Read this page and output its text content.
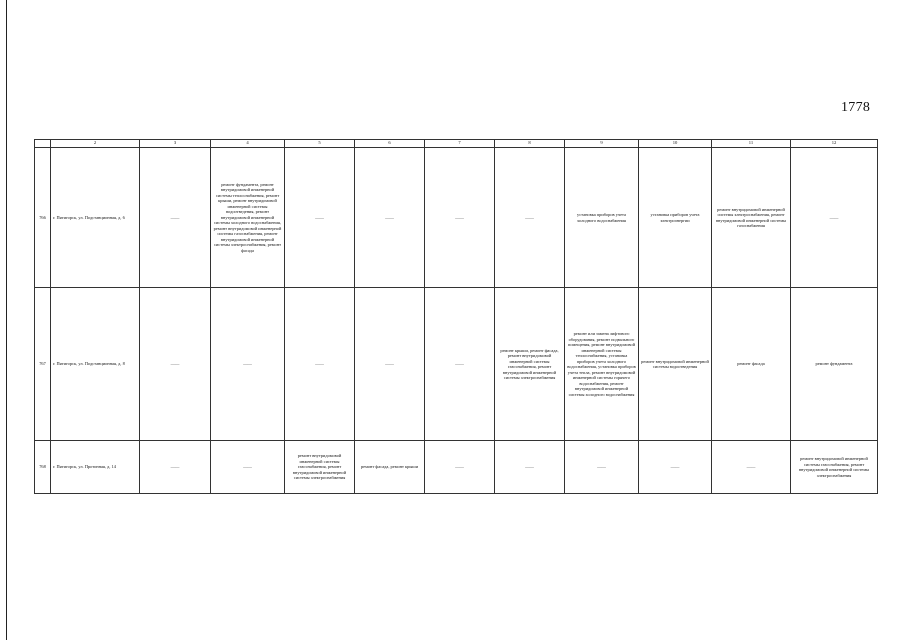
1778
	2	3	4	5	6	7	8	9	10	11	12
766	г. Пятигорск, ул. Подстанционная, д. 6	——	ремонт фундамента, ремонт внутридомовой инженерной системы теплоснабжения, ремонт крыши, ремонт внутридомовой инженерной системы водоотведения, ремонт внутридомовой инженерной системы холодного водоснабжения, ремонт внутридомовой инженерной системы газоснабжения, ремонт внутридомовой инженерной системы электроснабжения, ремонт фасада	——	——	——	——	установка приборов учета холодного водоснабжения	установка приборов учета электроэнергии	ремонт внутридомовой инженерной системы электроснабжения, ремонт внутридомовой инженерной системы газоснабжения	——
767	г. Пятигорск, ул. Подстанционная, д. 8	——	——	——	——	——	ремонт крыши, ремонт фасада, ремонт внутридомовой инженерной системы газоснабжения, ремонт внутридомовой инженерной системы электроснабжения	ремонт или замена лифтового оборудования, ремонт подвального помещения, ремонт внутридомовой инженерной системы теплоснабжения, установка приборов учета холодного водоснабжения, установка приборов учета тепла, ремонт внутридомовой инженерной системы горячего водоснабжения, ремонт внутридомовой инженерной системы холодного водоснабжения	ремонт внутридомовой инженерной системы водоотведения	ремонт фасада	ремонт фундамента
768	г. Пятигорск, ул. Протонная, д. 14	——	——	ремонт внутридомовой инженерной системы газоснабжения, ремонт внутридомовой инженерной системы электроснабжения	ремонт фасада, ремонт крыши	——	——	——	——	——	ремонт внутридомовой инженерной системы газоснабжения, ремонт внутридомовой инженерной системы электроснабжения
